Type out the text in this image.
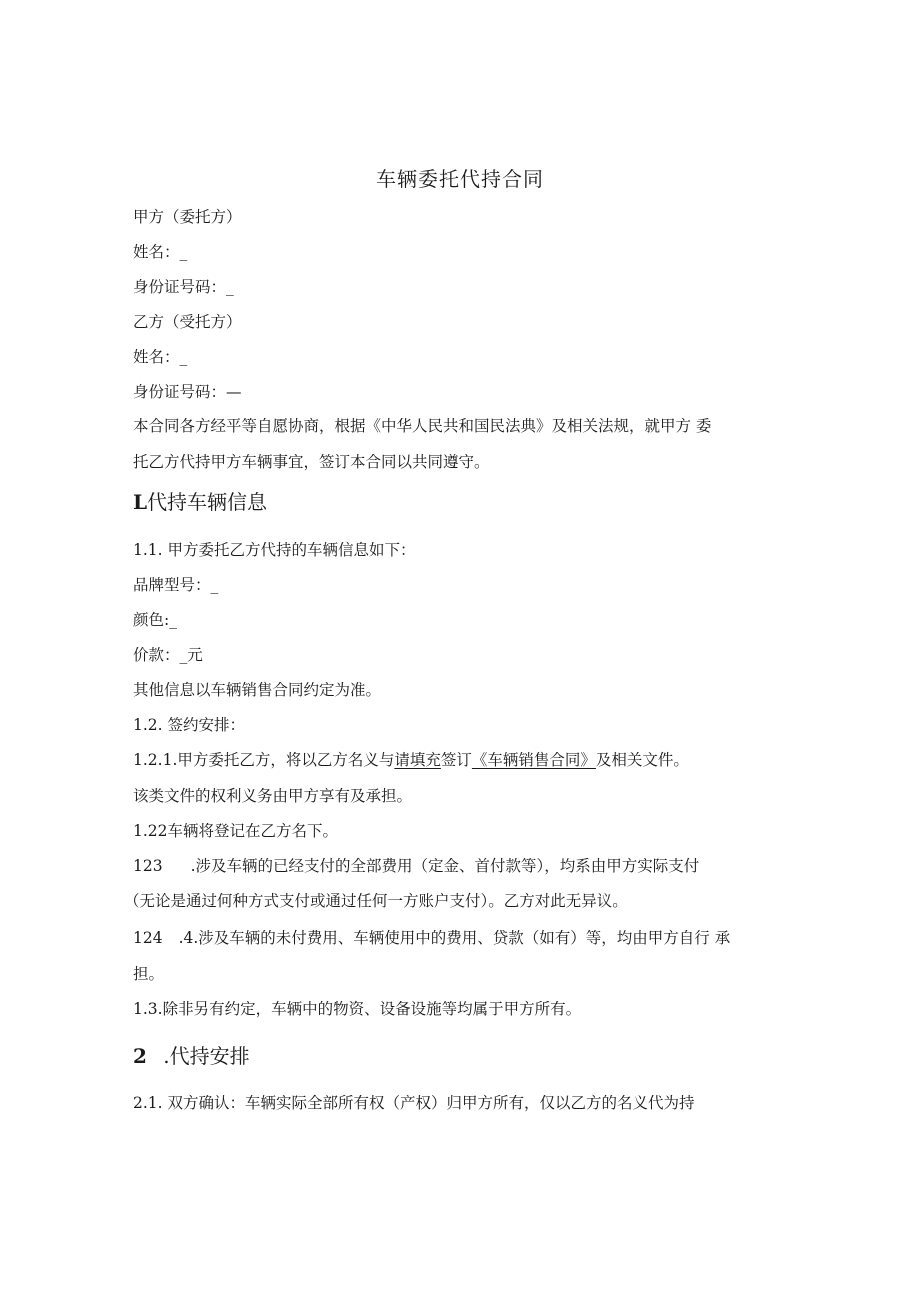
车辆委托代持合同
甲方（委托方）
姓名：_
身份证号码：_
乙方（受托方）
姓名：_
身份证号码：—
本合同各方经平等自愿协商，根据《中华人民共和国民法典》及相关法规，就甲方 委
托乙方代持甲方车辆事宜，签订本合同以共同遵守。
L代持车辆信息
1.1. 甲方委托乙方代持的车辆信息如下：
品牌型号：_
颜色:_
价款：_元
其他信息以车辆销售合同约定为准。
1.2. 签约安排：
1.2.1.甲方委托乙方，将以乙方名义与请填充签订《车辆销售合同》及相关文件。
该类文件的权利义务由甲方享有及承担。
1.22车辆将登记在乙方名下。
123 .涉及车辆的已经支付的全部费用（定金、首付款等），均系由甲方实际支付
（无论是通过何种方式支付或通过任何一方账户支付）。乙方对此无异议。
124 .4.涉及车辆的未付费用、车辆使用中的费用、贷款（如有）等，均由甲方自行 承
担。
1.3.除非另有约定，车辆中的物资、设备设施等均属于甲方所有。
2 .代持安排
2.1. 双方确认：车辆实际全部所有权（产权）归甲方所有，仅以乙方的名义代为持
